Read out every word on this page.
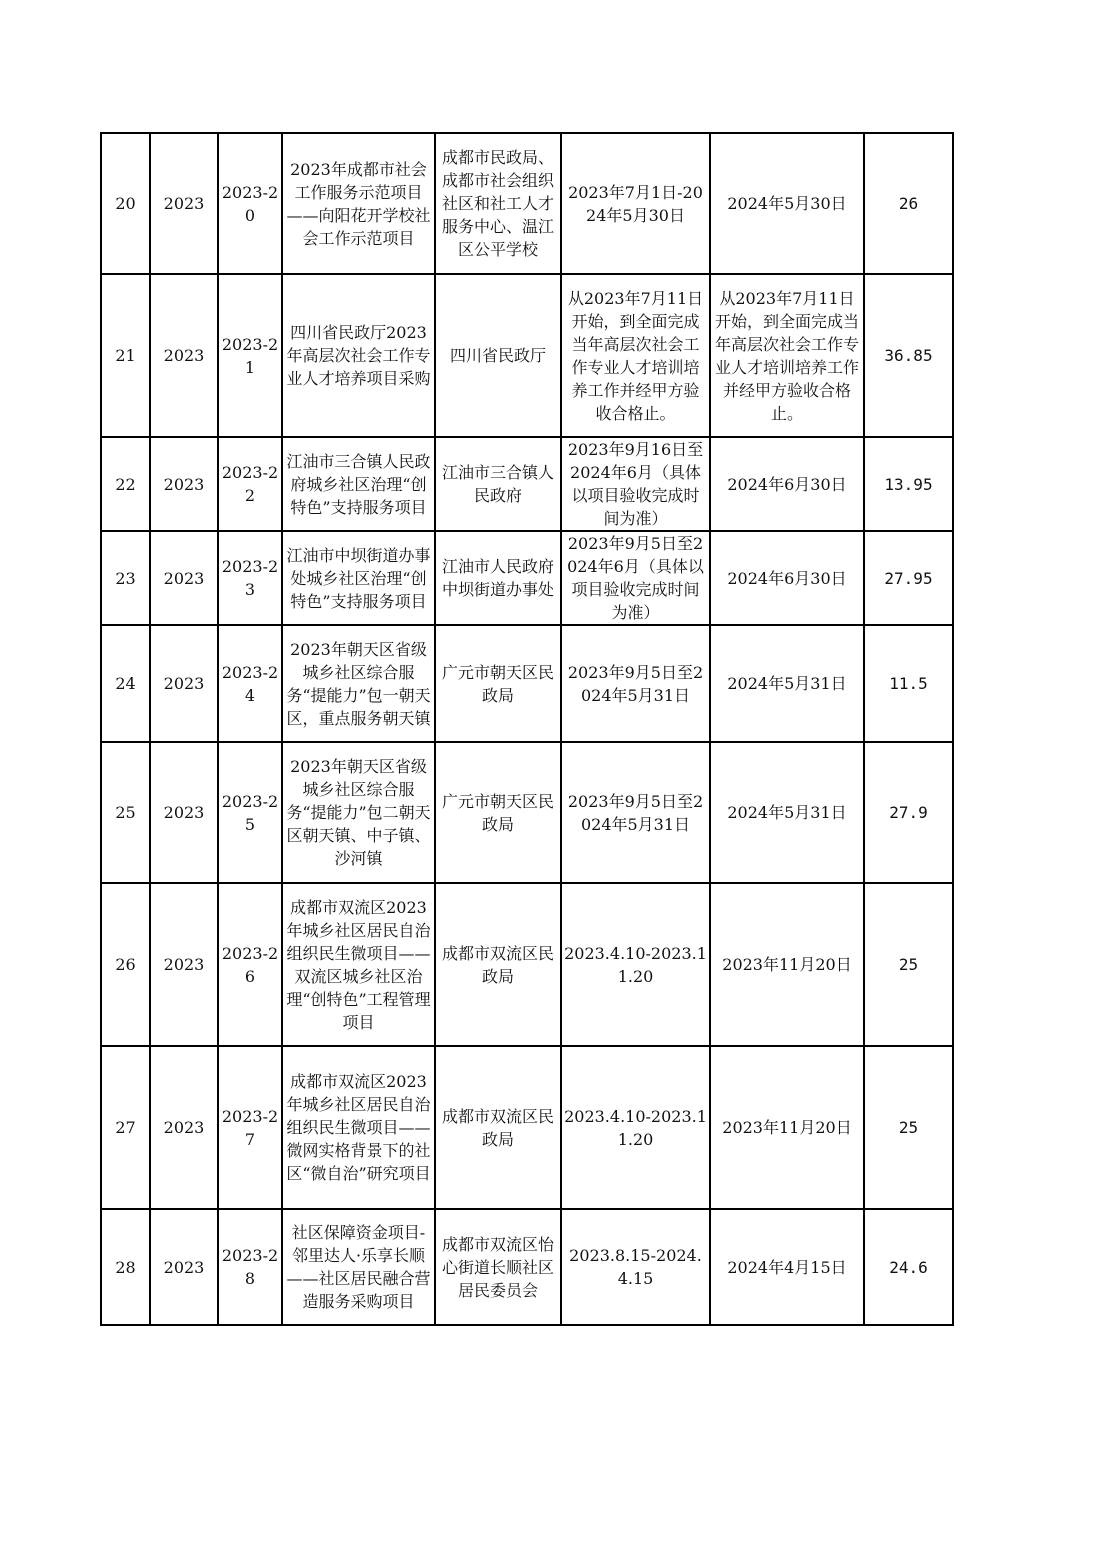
20	2023	2023-20	2023年成都市社会工作服务示范项目——向阳花开学校社会工作示范项目	成都市民政局、成都市社会组织社区和社工人才服务中心、温江区公平学校	2023年7月1日-2024年5月30日	2024年5月30日	26
21	2023	2023-21	四川省民政厅2023年高层次社会工作专业人才培养项目采购	四川省民政厅	从2023年7月11日开始，到全面完成当年高层次社会工作专业人才培训培养工作并经甲方验收合格止。	从2023年7月11日开始，到全面完成当年高层次社会工作专业人才培训培养工作并经甲方验收合格止。	36.85
22	2023	2023-22	江油市三合镇人民政府城乡社区治理“创特色”支持服务项目	江油市三合镇人民政府	2023年9月16日至2024年6月（具体以项目验收完成时间为准）	2024年6月30日	13.95
23	2023	2023-23	江油市中坝街道办事处城乡社区治理“创特色”支持服务项目	江油市人民政府中坝街道办事处	2023年9月5日至2024年6月（具体以项目验收完成时间为准）	2024年6月30日	27.95
24	2023	2023-24	2023年朝天区省级城乡社区综合服务“提能力”包一朝天区，重点服务朝天镇	广元市朝天区民政局	2023年9月5日至2024年5月31日	2024年5月31日	11.5
25	2023	2023-25	2023年朝天区省级城乡社区综合服务“提能力”包二朝天区朝天镇、中子镇、沙河镇	广元市朝天区民政局	2023年9月5日至2024年5月31日	2024年5月31日	27.9
26	2023	2023-26	成都市双流区2023年城乡社区居民自治组织民生微项目——双流区城乡社区治理“创特色”工程管理项目	成都市双流区民政局	2023.4.10-2023.11.20	2023年11月20日	25
27	2023	2023-27	成都市双流区2023年城乡社区居民自治组织民生微项目——微网实格背景下的社区“微自治”研究项目	成都市双流区民政局	2023.4.10-2023.11.20	2023年11月20日	25
28	2023	2023-28	社区保障资金项目-邻里达人·乐享长顺——社区居民融合营造服务采购项目	成都市双流区怡心街道长顺社区居民委员会	2023.8.15-2024.4.15	2024年4月15日	24.6
